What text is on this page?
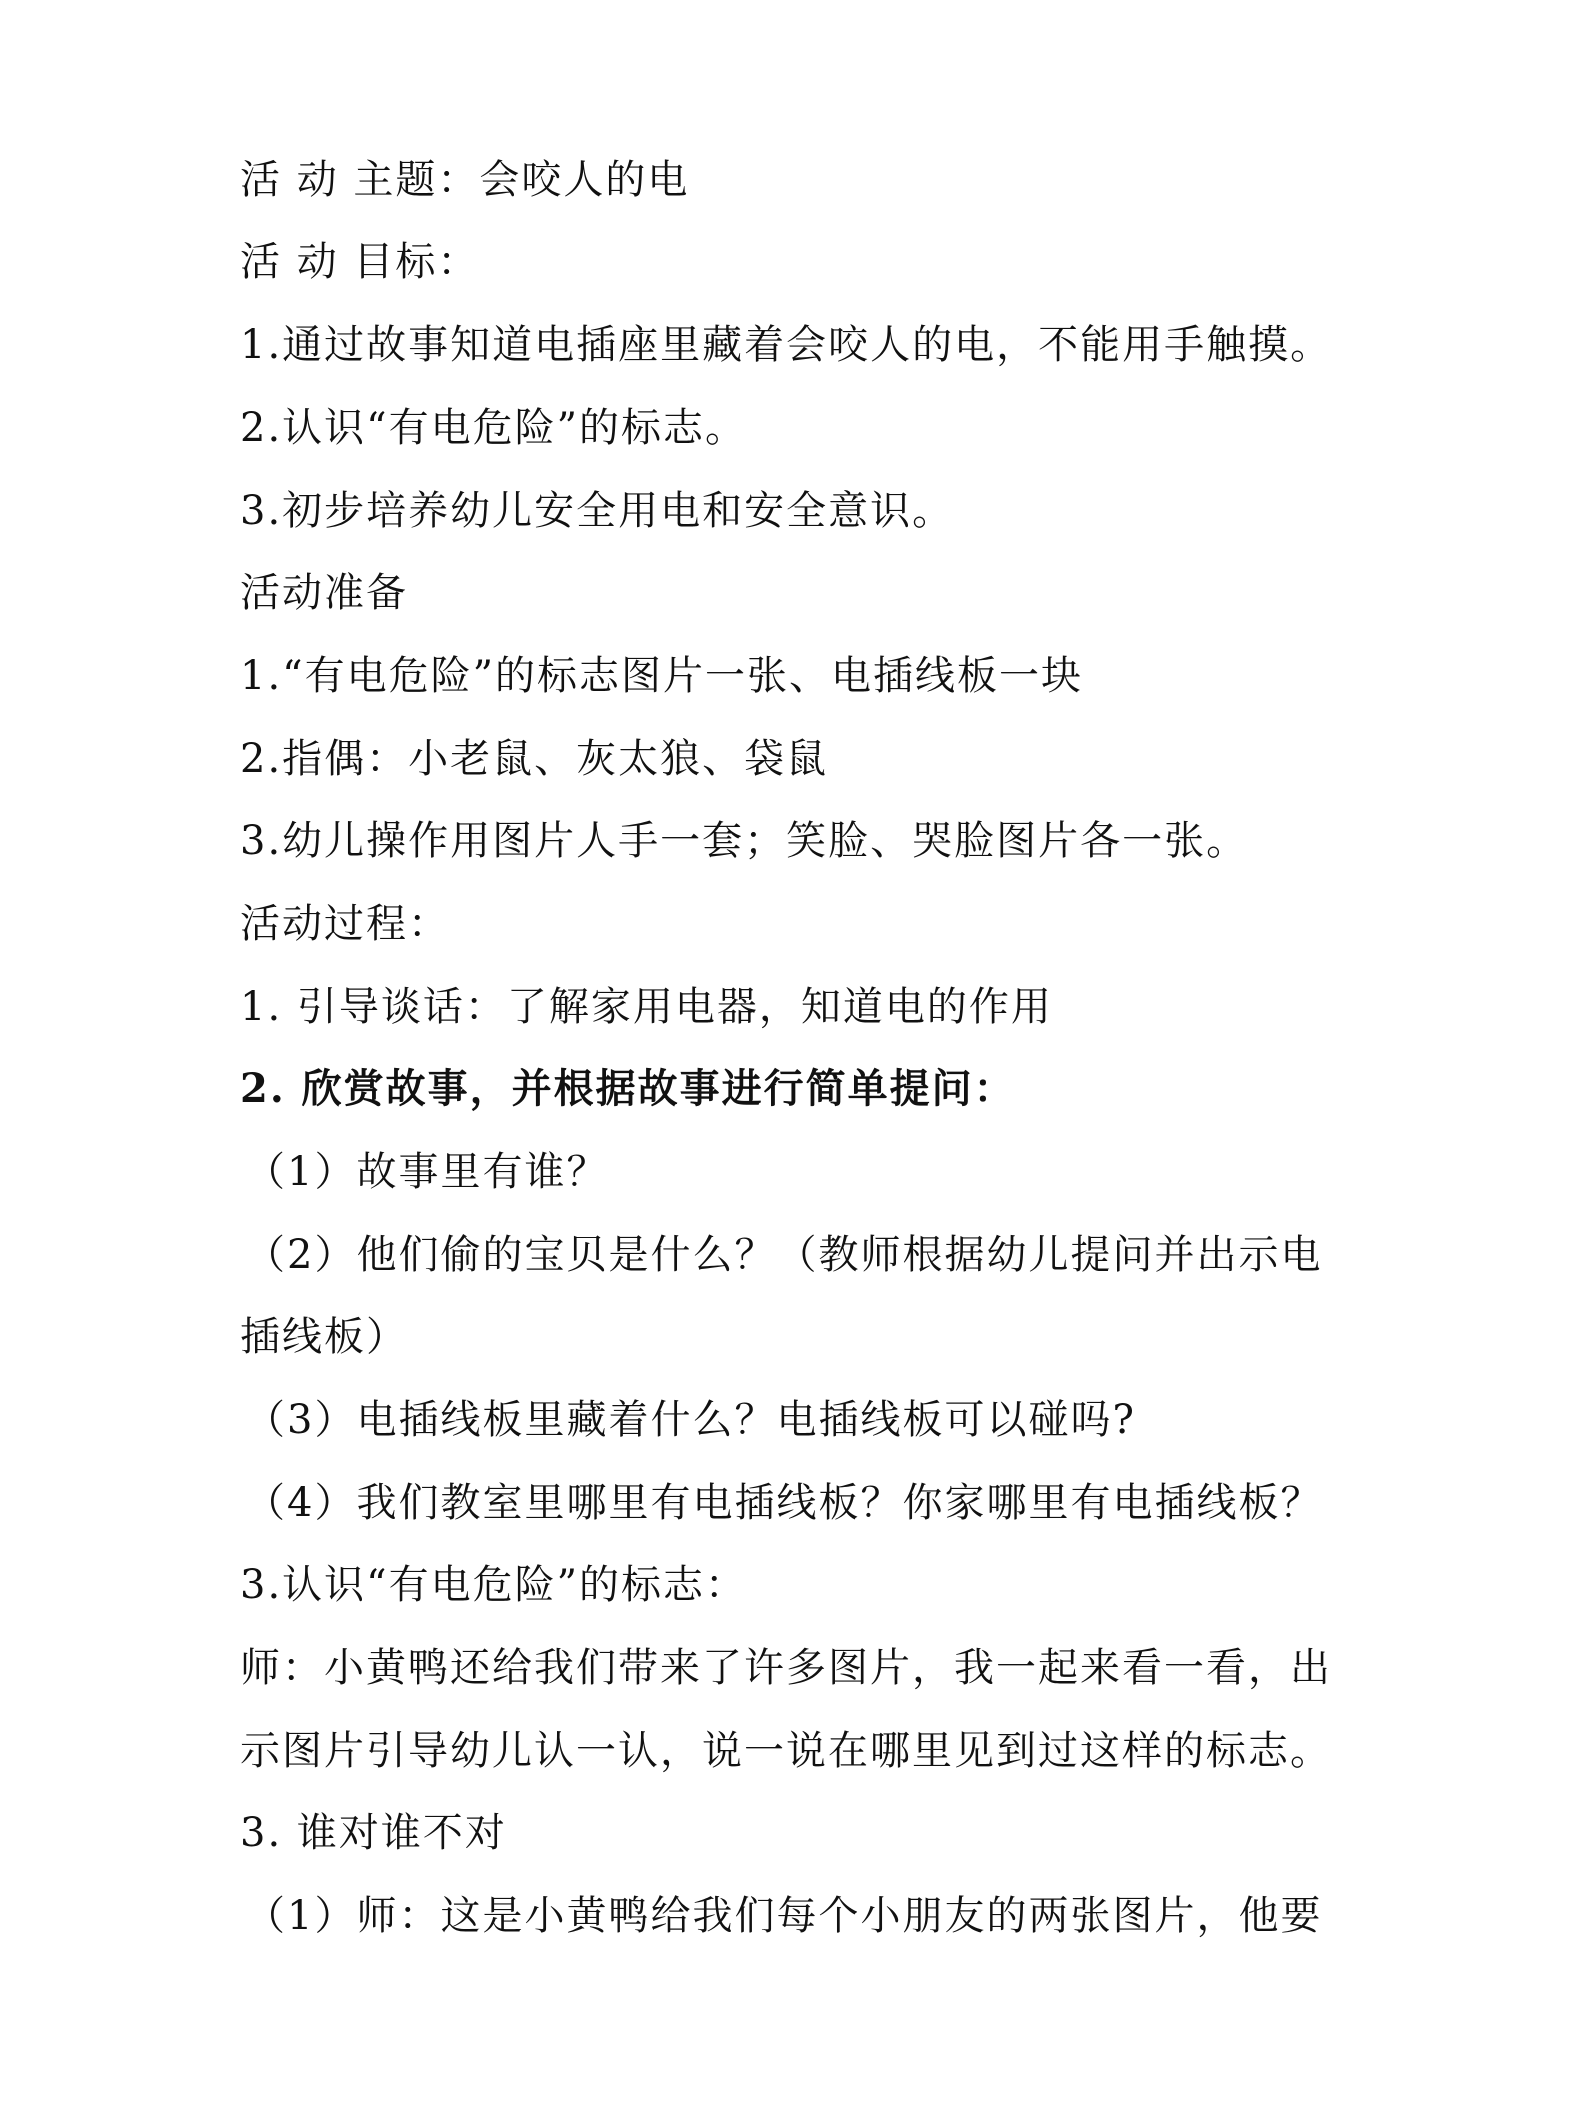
活 动 主题：会咬人的电
活 动 目标：
1.通过故事知道电插座里藏着会咬人的电，不能用手触摸。
2.认识“有电危险”的标志。
3.初步培养幼儿安全用电和安全意识。
活动准备
1.“有电危险”的标志图片一张、电插线板一块
2.指偶：小老鼠、灰太狼、袋鼠
3.幼儿操作用图片人手一套；笑脸、哭脸图片各一张。
活动过程：
1. 引导谈话：了解家用电器，知道电的作用
2. 欣赏故事，并根据故事进行简单提问：
（1）故事里有谁？
（2）他们偷的宝贝是什么？（教师根据幼儿提问并出示电
插线板）
（3）电插线板里藏着什么？电插线板可以碰吗?
（4）我们教室里哪里有电插线板？你家哪里有电插线板？
3.认识“有电危险”的标志：
师：小黄鸭还给我们带来了许多图片，我一起来看一看，出
示图片引导幼儿认一认，说一说在哪里见到过这样的标志。
3. 谁对谁不对
（1）师：这是小黄鸭给我们每个小朋友的两张图片，他要
